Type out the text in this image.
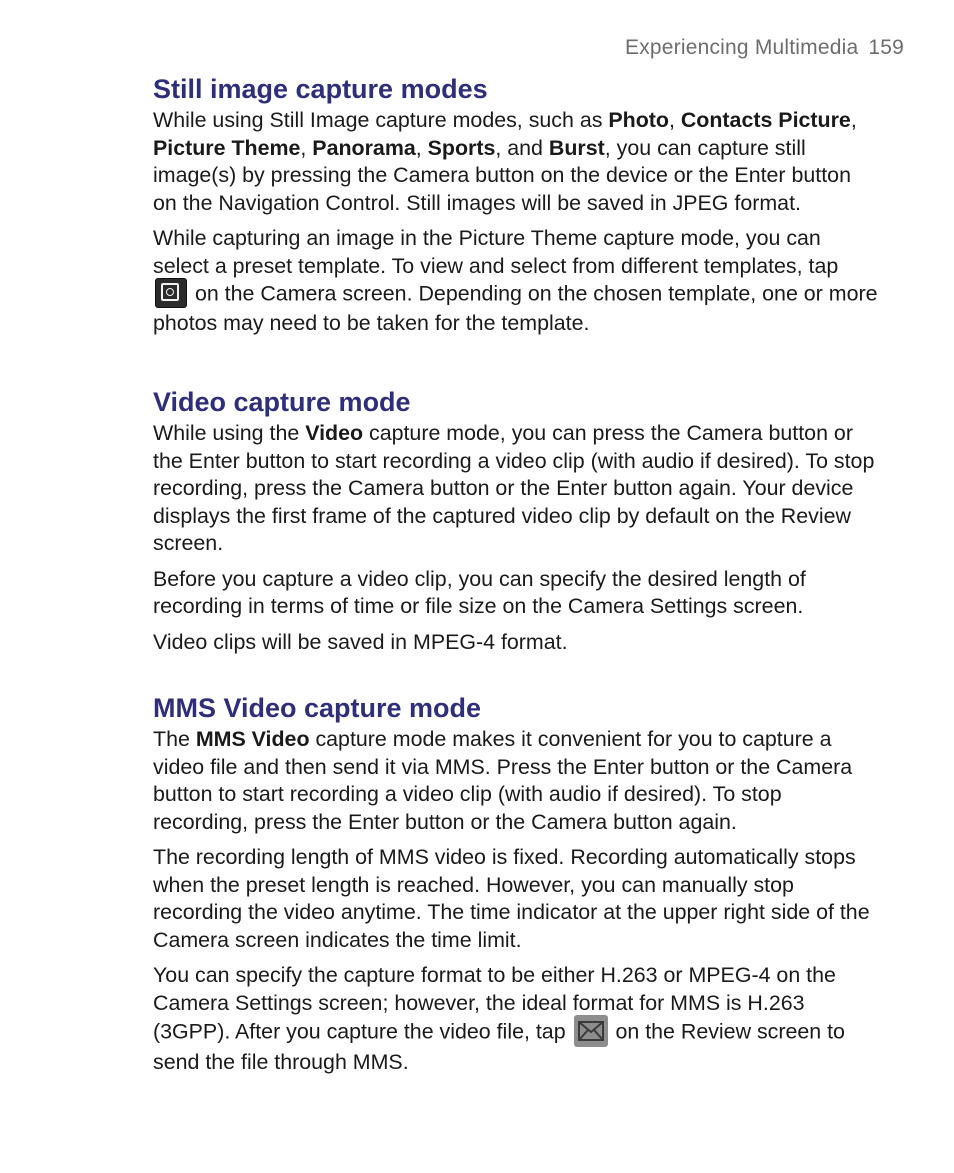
Experiencing Multimedia 159
Still image capture modes

While using Still Image capture modes, such as Photo, Contacts Picture, Picture Theme, Panorama, Sports, and Burst, you can capture still image(s) by pressing the Camera button on the device or the Enter button on the Navigation Control. Still images will be saved in JPEG format.

While capturing an image in the Picture Theme capture mode, you can select a preset template. To view and select from different templates, tap
on the Camera screen. Depending on the chosen template, one or more photos may need to be taken for the template.

Video capture mode

While using the Video capture mode, you can press the Camera button or the Enter button to start recording a video clip (with audio if desired). To stop recording, press the Camera button or the Enter button again. Your device displays the first frame of the captured video clip by default on the Review screen.

Before you capture a video clip, you can specify the desired length of recording in terms of time or file size on the Camera Settings screen.

Video clips will be saved in MPEG-4 format.

MMS Video capture mode

The MMS Video capture mode makes it convenient for you to capture a video file and then send it via MMS. Press the Enter button or the Camera button to start recording a video clip (with audio if desired). To stop recording, press the Enter button or the Camera button again.

The recording length of MMS video is fixed. Recording automatically stops when the preset length is reached. However, you can manually stop recording the video anytime. The time indicator at the upper right side of the Camera screen indicates the time limit.

You can specify the capture format to be either H.263 or MPEG-4 on the Camera Settings screen; however, the ideal format for MMS is H.263 (3GPP). After you capture the video file, tap
on the Review screen to send the file through MMS.
